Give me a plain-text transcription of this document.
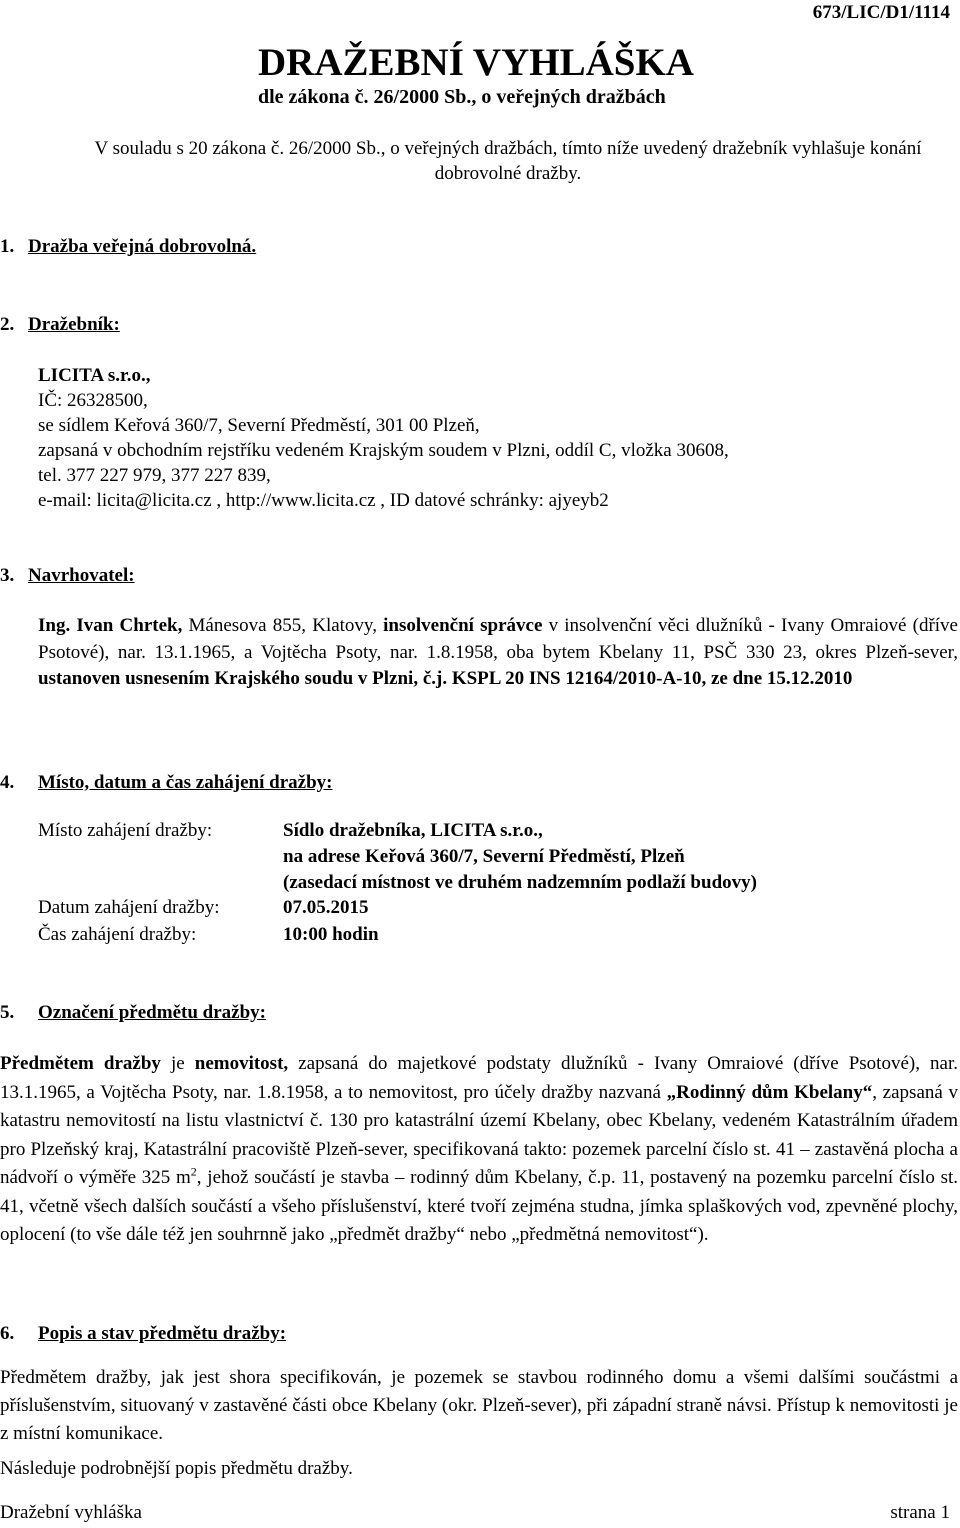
673/LIC/D1/1114
DRAŽEBNÍ VYHLÁŠKA
dle zákona č. 26/2000 Sb., o veřejných dražbách
V souladu s 20 zákona č. 26/2000 Sb., o veřejných dražbách, tímto níže uvedený dražebník vyhlašuje konání dobrovolné dražby.
1. Dražba veřejná dobrovolná.
2. Dražebník:
LICITA s.r.o.,
IČ: 26328500,
se sídlem Keřová 360/7, Severní Předměstí, 301 00 Plzeň,
zapsaná v obchodním rejstříku vedeném Krajským soudem v Plzni, oddíl C, vložka 30608,
tel. 377 227 979, 377 227 839,
e-mail: licita@licita.cz , http://www.licita.cz , ID datové schránky: ajyeyb2
3. Navrhovatel:
Ing. Ivan Chrtek, Mánesova 855, Klatovy, insolvenční správce v insolvenční věci dlužníků - Ivany Omraiové (dříve Psotové), nar. 13.1.1965, a Vojtěcha Psoty, nar. 1.8.1958, oba bytem Kbelany 11, PSČ 330 23, okres Plzeň-sever, ustanoven usnesením Krajského soudu v Plzni, č.j. KSPL 20 INS 12164/2010-A-10, ze dne 15.12.2010
4. Místo, datum a čas zahájení dražby:
Místo zahájení dražby:	Sídlo dražebníka, LICITA s.r.o.,
na adrese Keřová 360/7, Severní Předměstí, Plzeň
(zasedací místnost ve druhém nadzemním podlaží budovy)
Datum zahájení dražby:	07.05.2015
Čas zahájení dražby:	10:00 hodin
5. Označení předmětu dražby:
Předmětem dražby je nemovitost, zapsaná do majetkové podstaty dlužníků - Ivany Omraiové (dříve Psotové), nar. 13.1.1965, a Vojtěcha Psoty, nar. 1.8.1958, a to nemovitost, pro účely dražby nazvaná „Rodinný dům Kbelany“, zapsaná v katastru nemovitostí na listu vlastnictví č. 130 pro katastrální území Kbelany, obec Kbelany, vedeném Katastrálním úřadem pro Plzeňský kraj, Katastrální pracoviště Plzeň-sever, specifikovaná takto: pozemek parcelní číslo st. 41 – zastavěná plocha a nádvoří o výměře 325 $m^2$, jehož součástí je stavba – rodinný dům Kbelany, č.p. 11, postavený na pozemku parcelní číslo st. 41, včetně všech dalších součástí a všeho příslušenství, které tvoří zejména studna, jímka splaškových vod, zpevněné plochy, oplocení (to vše dále též jen souhrnně jako „předmět dražby“ nebo „předmětná nemovitost“).
6. Popis a stav předmětu dražby:
Předmětem dražby, jak jest shora specifikován, je pozemek se stavbou rodinného domu a všemi dalšími součástmi a příslušenstvím, situovaný v zastavěné části obce Kbelany (okr. Plzeň-sever), při západní straně návsi. Přístup k nemovitosti je z místní komunikace.
Následuje podrobnější popis předmětu dražby.
Dražební vyhláška	strana 1
